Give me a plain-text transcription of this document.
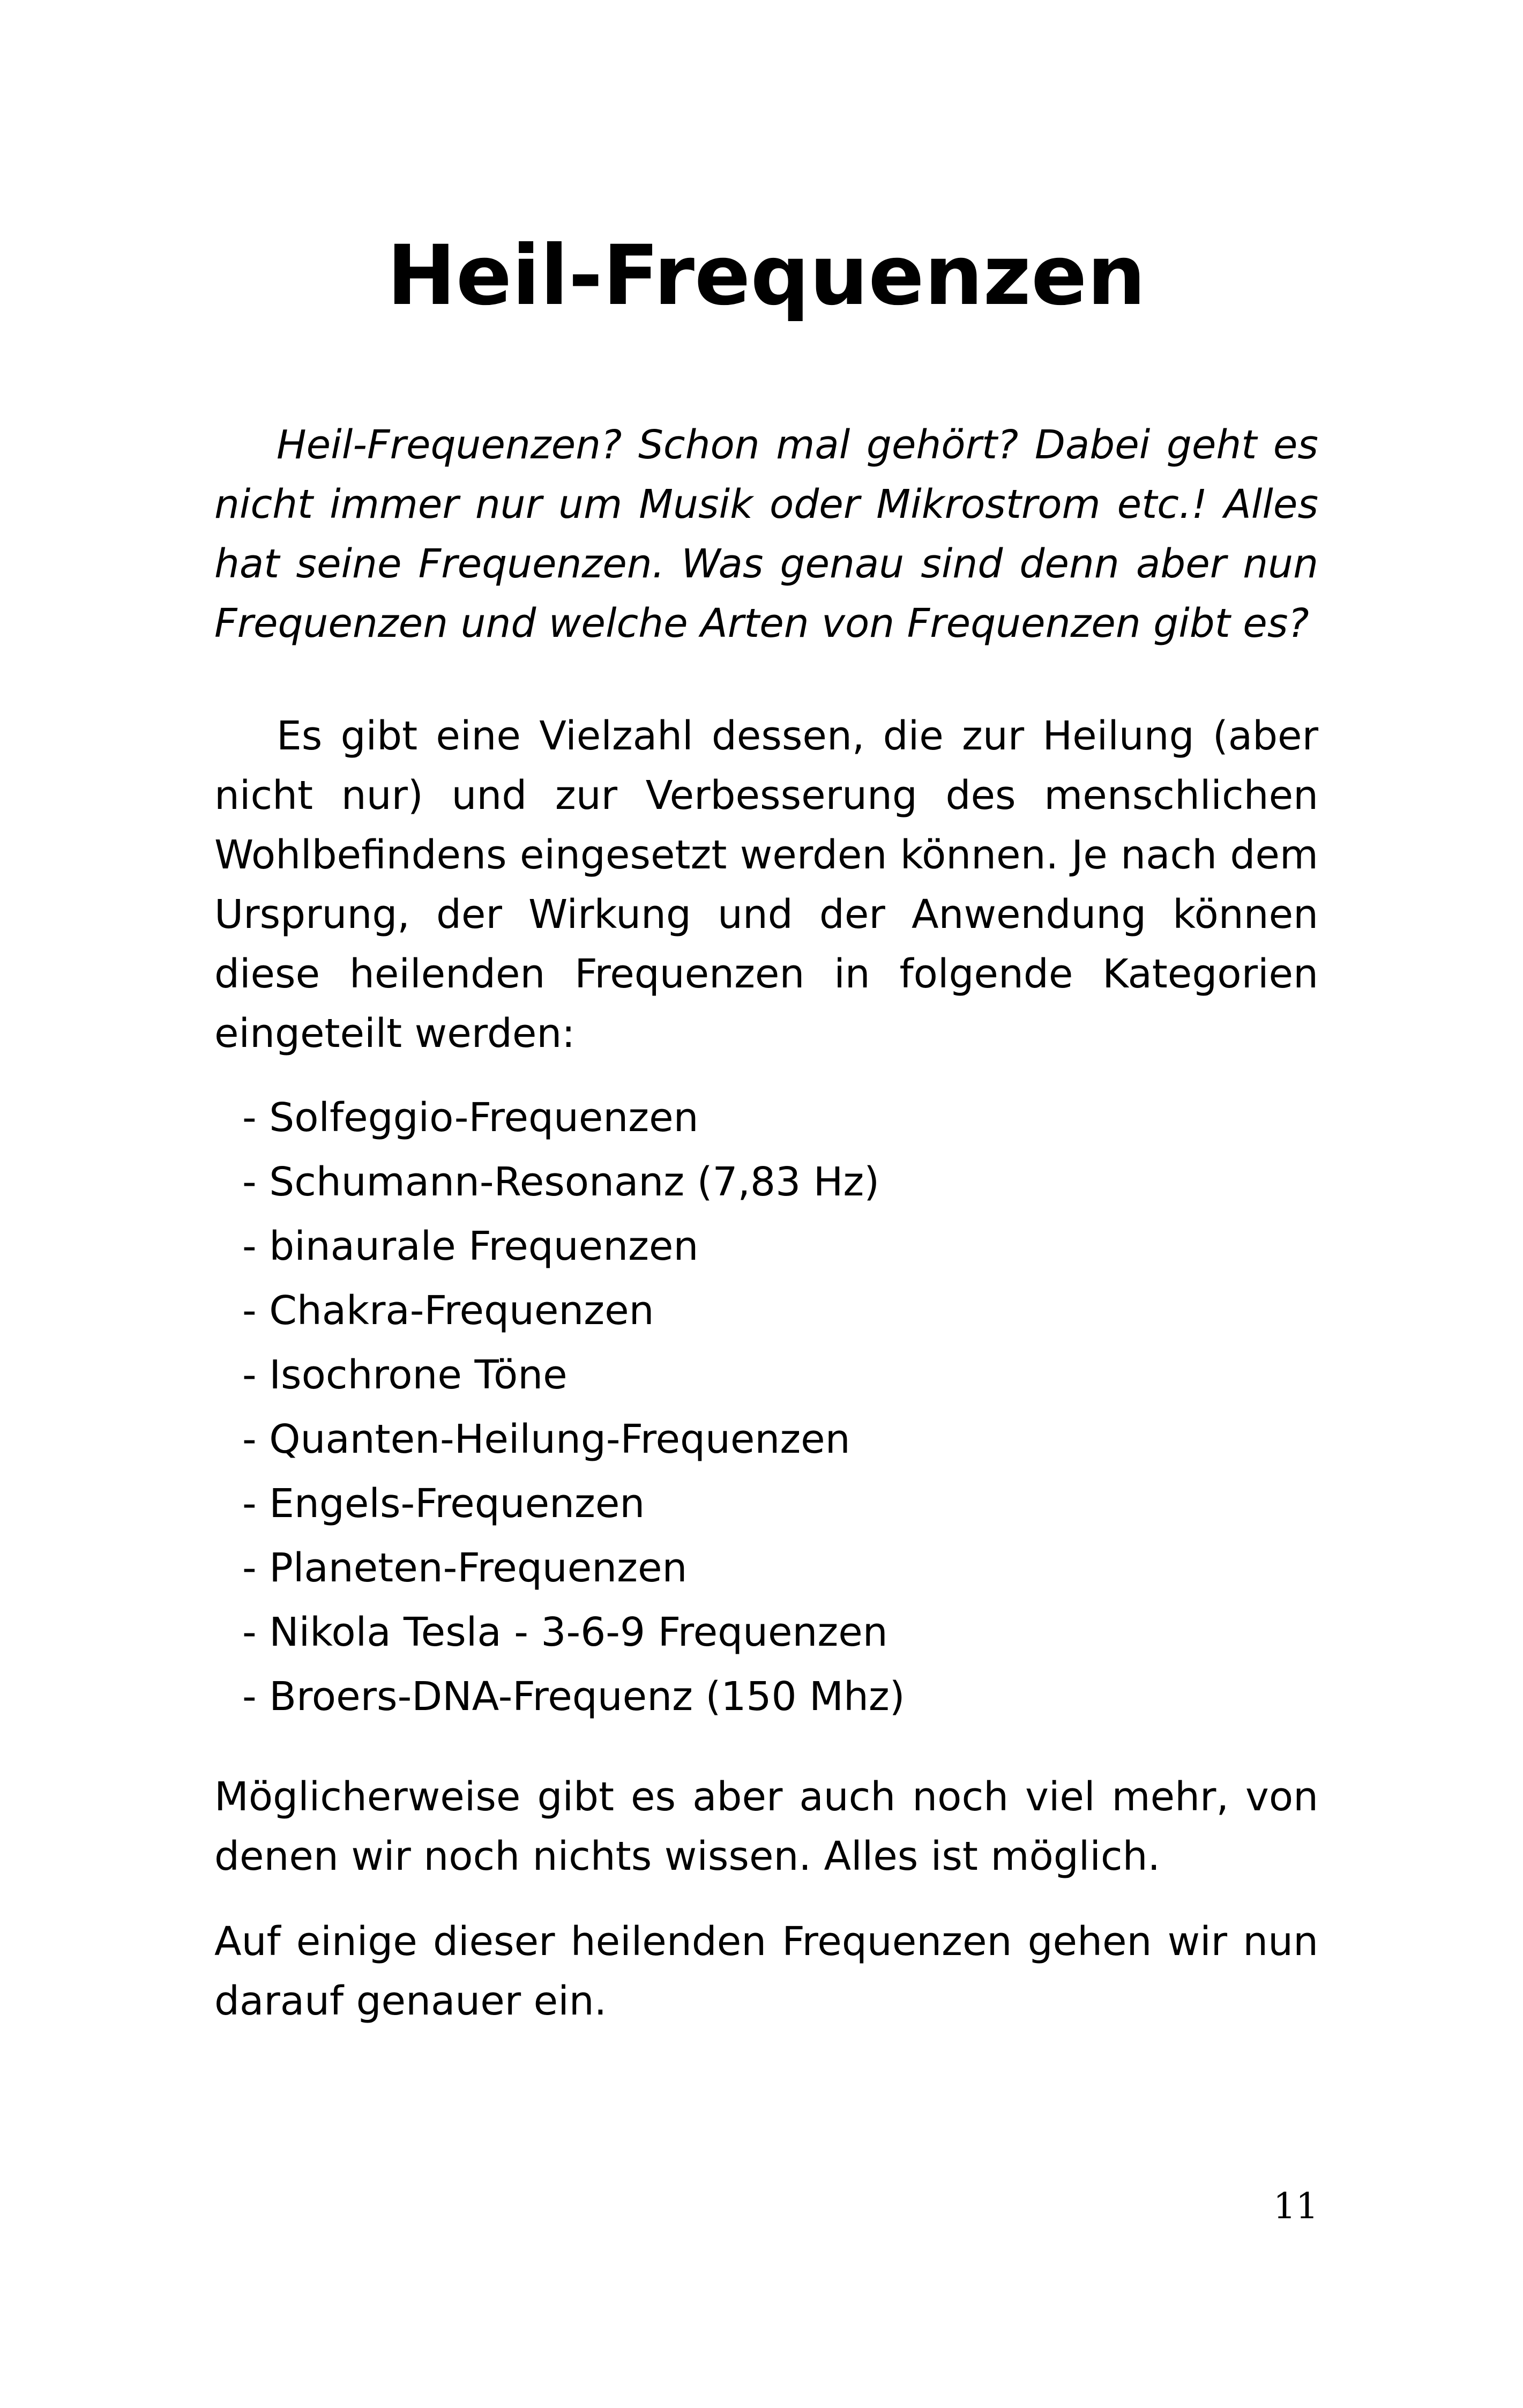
Heil-Frequenzen

Heil-Frequenzen? Schon mal gehört? Dabei geht es nicht immer nur um Musik oder Mikrostrom etc.! Alles hat seine Frequenzen. Was genau sind denn aber nun Frequenzen und welche Arten von Frequenzen gibt es?

Es gibt eine Vielzahl dessen, die zur Heilung (aber nicht nur) und zur Verbesserung des menschlichen Wohlbefindens eingesetzt werden können. Je nach dem Ursprung, der Wirkung und der Anwendung können diese heilenden Frequenzen in folgende Kategorien eingeteilt werden:

- Solfeggio-Frequenzen
- Schumann-Resonanz (7,83 Hz)
- binaurale Frequenzen
- Chakra-Frequenzen
- Isochrone Töne
- Quanten-Heilung-Frequenzen
- Engels-Frequenzen
- Planeten-Frequenzen
- Nikola Tesla - 3-6-9 Frequenzen
- Broers-DNA-Frequenz (150 Mhz)

Möglicherweise gibt es aber auch noch viel mehr, von denen wir noch nichts wissen. Alles ist möglich.

Auf einige dieser heilenden Frequenzen gehen wir nun darauf genauer ein.

11
